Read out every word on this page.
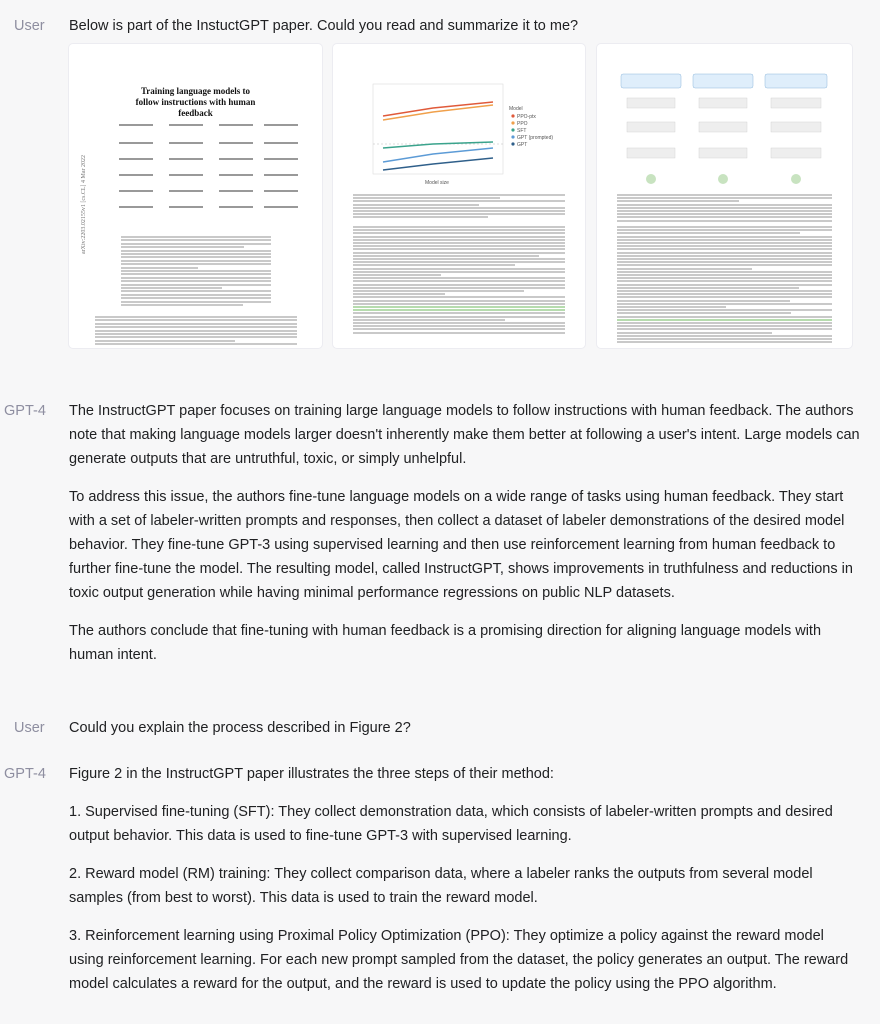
User Below is part of the InstuctGPT paper. Could you read and summarize it to me?
arXiv:2203.02155v1 [cs.CL] 4 Mar 2022
Training language models to follow instructions with human feedback	Model
PPO-ptx
PPO
SFT
GPT (prompted)
GPT
Model size
GPT-4 The InstructGPT paper focuses on training large language models to follow instructions with human feedback. The authors note that making language models larger doesn't inherently make them better at following a user's intent. Large models can generate outputs that are untruthful, toxic, or simply unhelpful.

To address this issue, the authors fine-tune language models on a wide range of tasks using human feedback. They start with a set of labeler-written prompts and responses, then collect a dataset of labeler demonstrations of the desired model behavior. They fine-tune GPT-3 using supervised learning and then use reinforcement learning from human feedback to further fine-tune the model. The resulting model, called InstructGPT, shows improvements in truthfulness and reductions in toxic output generation while having minimal performance regressions on public NLP datasets.

The authors conclude that fine-tuning with human feedback is a promising direction for aligning language models with human intent.

User Could you explain the process described in Figure 2?
GPT-4 Figure 2 in the InstructGPT paper illustrates the three steps of their method:

1. Supervised fine-tuning (SFT): They collect demonstration data, which consists of labeler-written prompts and desired output behavior. This data is used to fine-tune GPT-3 with supervised learning.

2. Reward model (RM) training: They collect comparison data, where a labeler ranks the outputs from several model samples (from best to worst). This data is used to train the reward model.

3. Reinforcement learning using Proximal Policy Optimization (PPO): They optimize a policy against the reward model using reinforcement learning. For each new prompt sampled from the dataset, the policy generates an output. The reward model calculates a reward for the output, and the reward is used to update the policy using the PPO algorithm.
